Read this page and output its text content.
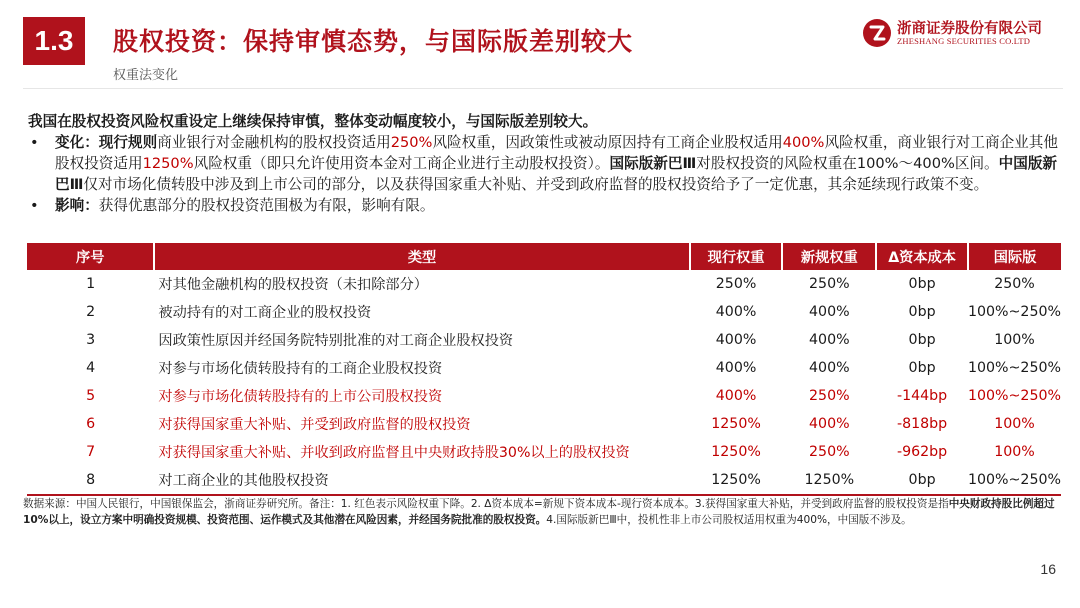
1.3	股权投资：保持审慎态势，与国际版差别较大
权重法变化
浙商证券股份有限公司
ZHESHANG SECURITIES CO.LTD
我国在股权投资风险权重设定上继续保持审慎，整体变动幅度较小，与国际版差别较大。
• 变化：现行规则商业银行对金融机构的股权投资适用250%风险权重，因政策性或被动原因持有工商企业股权适用400%风险权重，商业银行对工商企业其他股权投资适用1250%风险权重（即只允许使用资本金对工商企业进行主动股权投资）。国际版新巴Ⅲ对股权投资的风险权重在100%～400%区间。中国版新巴Ⅲ仅对市场化债转股中涉及到上市公司的部分，以及获得国家重大补贴、并受到政府监督的股权投资给予了一定优惠，其余延续现行政策不变。
• 影响：获得优惠部分的股权投资范围极为有限，影响有限。
序号	类型	现行权重	新规权重	Δ资本成本	国际版
1	对其他金融机构的股权投资（未扣除部分）	250%	250%	0bp	250%
2	被动持有的对工商企业的股权投资	400%	400%	0bp	100%~250%
3	因政策性原因并经国务院特别批准的对工商企业股权投资	400%	400%	0bp	100%
4	对参与市场化债转股持有的工商企业股权投资	400%	400%	0bp	100%~250%
5	对参与市场化债转股持有的上市公司股权投资	400%	250%	-144bp	100%~250%
6	对获得国家重大补贴、并受到政府监督的股权投资	1250%	400%	-818bp	100%
7	对获得国家重大补贴、并收到政府监督且中央财政持股30%以上的股权投资	1250%	250%	-962bp	100%
8	对工商企业的其他股权投资	1250%	1250%	0bp	100%~250%
数据来源：中国人民银行，中国银保监会，浙商证券研究所。备注：1. 红色表示风险权重下降。2. Δ资本成本=新规下资本成本-现行资本成本。3.获得国家重大补贴，并受到政府监督的股权投资是指中央财政持股比例超过10%以上，设立方案中明确投资规模、投资范围、运作模式及其他潜在风险因素，并经国务院批准的股权投资。4.国际版新巴Ⅲ中，投机性非上市公司股权适用权重为400%，中国版不涉及。
16
